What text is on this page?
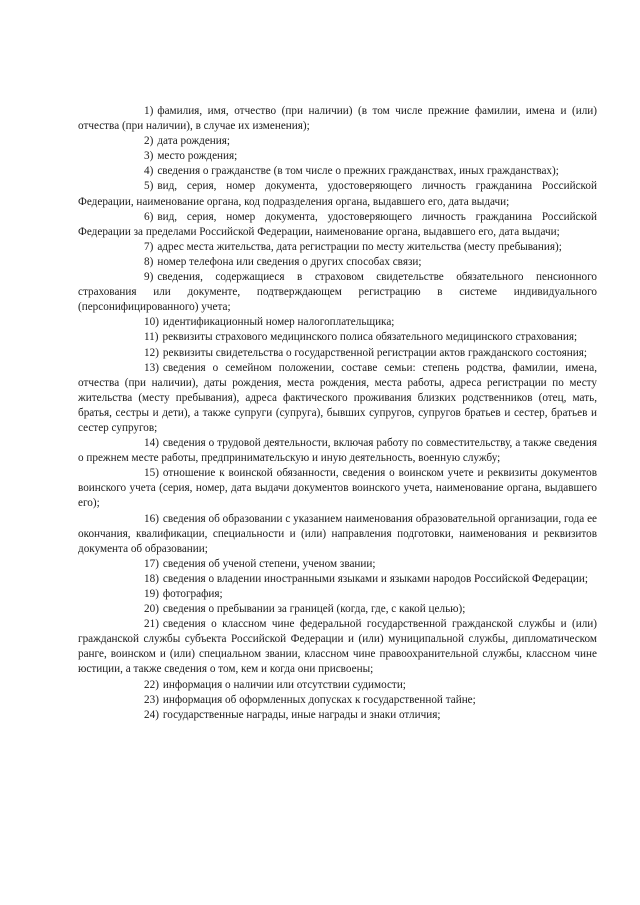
1) фамилия, имя, отчество (при наличии) (в том числе прежние фамилии, имена и (или) отчества (при наличии), в случае их изменения);

2) дата рождения;

3) место рождения;

4) сведения о гражданстве (в том числе о прежних гражданствах, иных гражданствах);

5) вид, серия, номер документа, удостоверяющего личность гражданина Российской Федерации, наименование органа, код подразделения органа, выдавшего его, дата выдачи;

6) вид, серия, номер документа, удостоверяющего личность гражданина Российской Федерации за пределами Российской Федерации, наименование органа, выдавшего его, дата выдачи;

7) адрес места жительства, дата регистрации по месту жительства (месту пребывания);

8) номер телефона или сведения о других способах связи;

9) сведения, содержащиеся в страховом свидетельстве обязательного пенсионного страхования или документе, подтверждающем регистрацию в системе индивидуального (персонифицированного) учета;

10) идентификационный номер налогоплательщика;

11) реквизиты страхового медицинского полиса обязательного медицинского страхования;

12) реквизиты свидетельства о государственной регистрации актов гражданского состояния;

13) сведения о семейном положении, составе семьи: степень родства, фамилии, имена, отчества (при наличии), даты рождения, места рождения, места работы, адреса регистрации по месту жительства (месту пребывания), адреса фактического проживания близких родственников (отец, мать, братья, сестры и дети), а также супруги (супруга), бывших супругов, супругов братьев и сестер, братьев и сестер супругов;

14) сведения о трудовой деятельности, включая работу по совместительству, а также сведения о прежнем месте работы, предпринимательскую и иную деятельность, военную службу;

15) отношение к воинской обязанности, сведения о воинском учете и реквизиты документов воинского учета (серия, номер, дата выдачи документов воинского учета, наименование органа, выдавшего его);

16) сведения об образовании с указанием наименования образовательной организации, года ее окончания, квалификации, специальности и (или) направления подготовки, наименования и реквизитов документа об образовании;

17) сведения об ученой степени, ученом звании;

18) сведения о владении иностранными языками и языками народов Российской Федерации;

19) фотография;

20) сведения о пребывании за границей (когда, где, с какой целью);

21) сведения о классном чине федеральной государственной гражданской службы и (или) гражданской службы субъекта Российской Федерации и (или) муниципальной службы, дипломатическом ранге, воинском и (или) специальном звании, классном чине правоохранительной службы, классном чине юстиции, а также сведения о том, кем и когда они присвоены;

22) информация о наличии или отсутствии судимости;

23) информация об оформленных допусках к государственной тайне;

24) государственные награды, иные награды и знаки отличия;
